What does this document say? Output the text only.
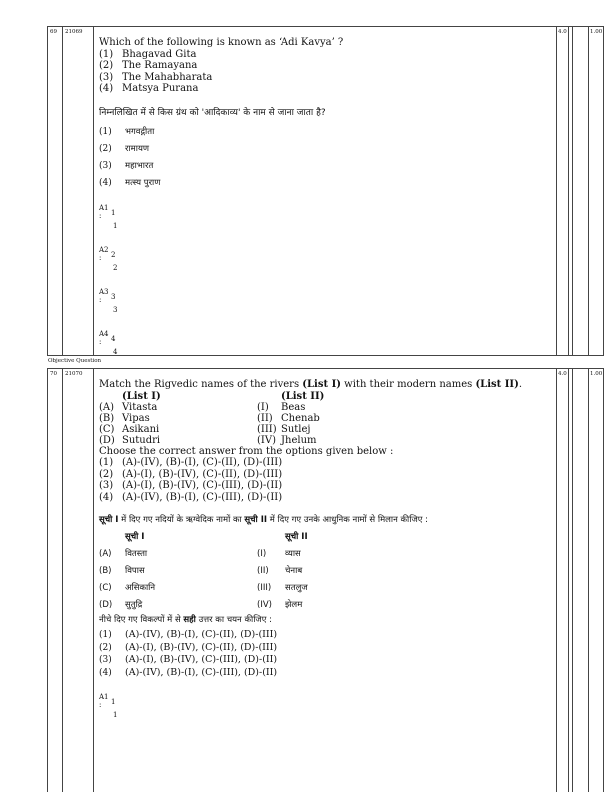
69 21069	4.0	1.00
Which of the following is known as ‘Adi Kavya’ ?
(1) Bhagavad Gita
(2) The Ramayana
(3) The Mahabharata
(4) Matsya Purana
निम्नलिखित में से किस ग्रंथ को 'आदिकाव्य' के नाम से जाना जाता है?
(1)	भगवद्गीता
(2)	रामायण
(3)	महाभारत
(4)	मत्स्य पुराण
A1 :	1
1
A2 :	2
2
A3 :	3
3
A4 :	4
4
Objective Question
70 21070	4.0	1.00
Match the Rigvedic names of the rivers (List I) with their modern names (List II).
	(List I)		(List II)
(A)	Vitasta	(I)	Beas
(B)	Vipas	(II)	Chenab
(C)	Asikani	(III)	Sutlej
(D)	Sutudri	(IV)	Jhelum
Choose the correct answer from the options given below :
(1) (A)-(IV), (B)-(I), (C)-(II), (D)-(III)
(2) (A)-(I), (B)-(IV), (C)-(II), (D)-(III)
(3) (A)-(I), (B)-(IV), (C)-(III), (D)-(II)
(4) (A)-(IV), (B)-(I), (C)-(III), (D)-(II)
सूची I में दिए गए नदियों के ऋग्वेदिक नामों का सूची II में दिए गए उनके आधुनिक नामों से मिलान कीजिए :
	सूची I		सूची II
(A)	वितस्ता	(I)	व्यास
(B)	विपास	(II)	चेनाब
(C)	असिकानि	(III)	सतलुज
(D)	सुतुद्रि	(IV)	झेलम
नीचे दिए गए विकल्पों में से सही उत्तर का चयन कीजिए :
(1)	(A)-(IV), (B)-(I), (C)-(II), (D)-(III)
(2)	(A)-(I), (B)-(IV), (C)-(II), (D)-(III)
(3)	(A)-(I), (B)-(IV), (C)-(III), (D)-(II)
(4)	(A)-(IV), (B)-(I), (C)-(III), (D)-(II)
A1 :	1
1
